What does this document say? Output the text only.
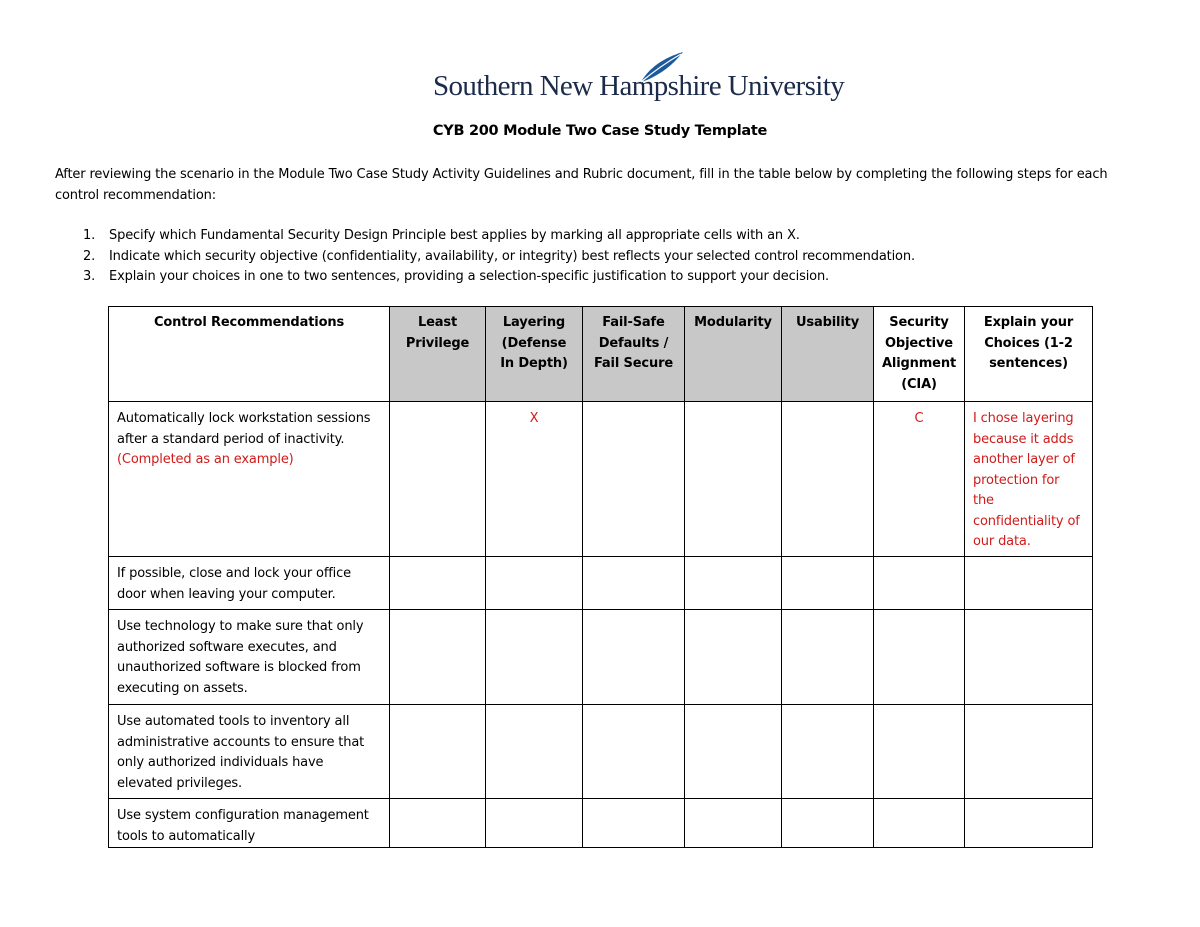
Southern New Hampshire University
CYB 200 Module Two Case Study Template
After reviewing the scenario in the Module Two Case Study Activity Guidelines and Rubric document, fill in the table below by completing the following steps for each control recommendation:
1. Specify which Fundamental Security Design Principle best applies by marking all appropriate cells with an X.
2. Indicate which security objective (confidentiality, availability, or integrity) best reflects your selected control recommendation.
3. Explain your choices in one to two sentences, providing a selection-specific justification to support your decision.
Control Recommendations	Least Privilege	Layering (Defense In Depth)	Fail-Safe Defaults / Fail Secure	Modularity	Usability	Security Objective Alignment (CIA)	Explain your Choices (1-2 sentences)
Automatically lock workstation sessions after a standard period of inactivity. (Completed as an example)		X				C	I chose layering because it adds another layer of protection for the confidentiality of our data.
If possible, close and lock your office door when leaving your computer.							
Use technology to make sure that only authorized software executes, and unauthorized software is blocked from executing on assets.							
Use automated tools to inventory all administrative accounts to ensure that only authorized individuals have elevated privileges.							
Use system configuration management tools to automatically							
